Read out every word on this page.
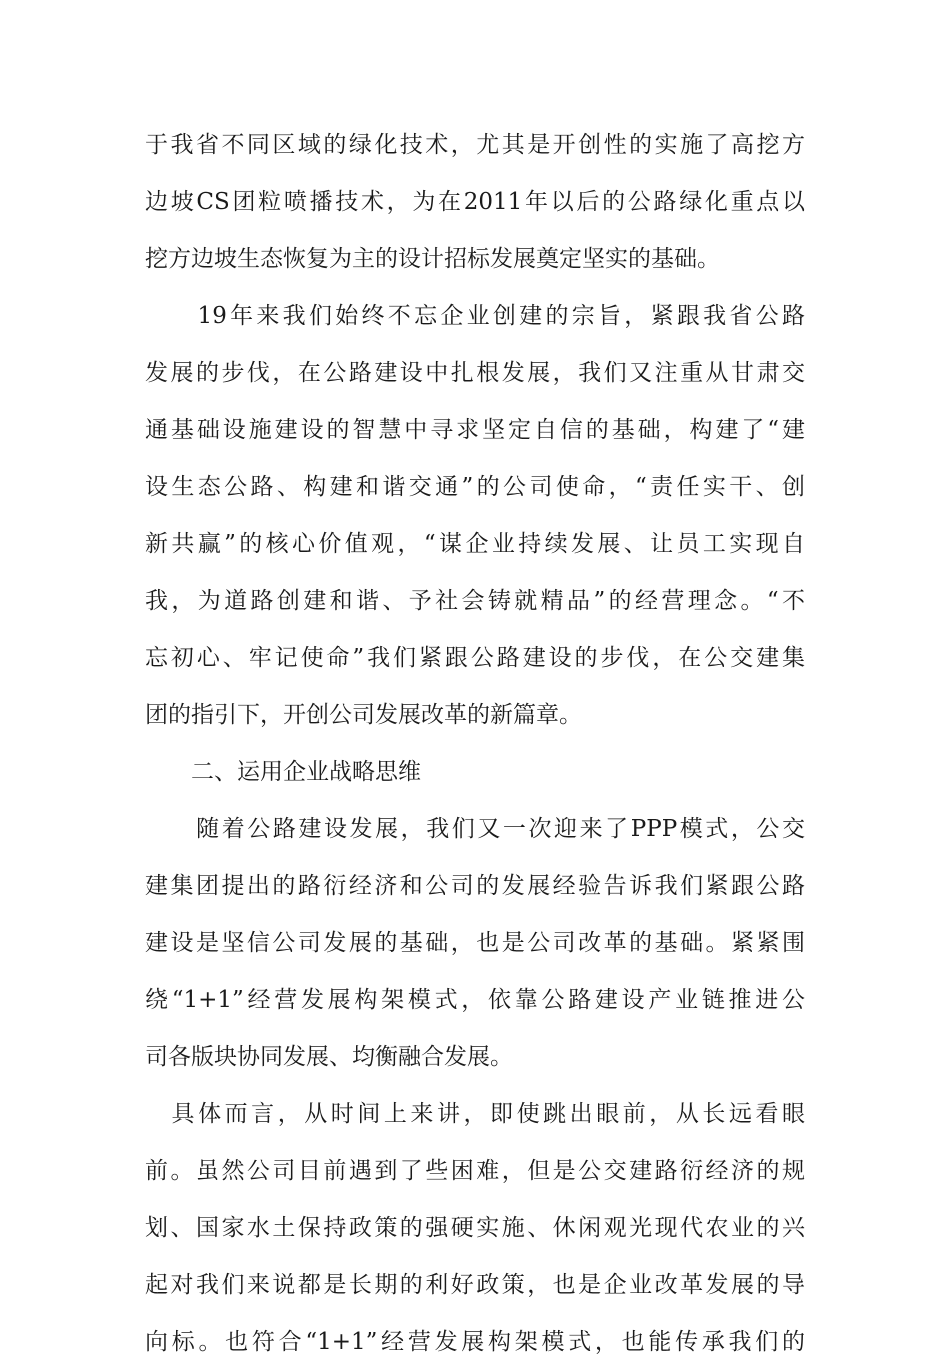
于我省不同区域的绿化技术，尤其是开创性的实施了高挖方
边坡CS团粒喷播技术，为在2011年以后的公路绿化重点以
挖方边坡生态恢复为主的设计招标发展奠定坚实的基础。
　　19年来我们始终不忘企业创建的宗旨，紧跟我省公路
发展的步伐，在公路建设中扎根发展，我们又注重从甘肃交
通基础设施建设的智慧中寻求坚定自信的基础，构建了“建
设生态公路、构建和谐交通”的公司使命，“责任实干、创
新共赢”的核心价值观，“谋企业持续发展、让员工实现自
我，为道路创建和谐、予社会铸就精品”的经营理念。“不
忘初心、牢记使命”我们紧跟公路建设的步伐，在公交建集
团的指引下，开创公司发展改革的新篇章。
　　二、运用企业战略思维
　　随着公路建设发展，我们又一次迎来了PPP模式，公交
建集团提出的路衍经济和公司的发展经验告诉我们紧跟公路
建设是坚信公司发展的基础，也是公司改革的基础。紧紧围
绕“1+1”经营发展构架模式，依靠公路建设产业链推进公
司各版块协同发展、均衡融合发展。
　具体而言，从时间上来讲，即使跳出眼前，从长远看眼
前。虽然公司目前遇到了些困难，但是公交建路衍经济的规
划、国家水土保持政策的强硬实施、休闲观光现代农业的兴
起对我们来说都是长期的利好政策，也是企业改革发展的导
向标。也符合“1+1”经营发展构架模式，也能传承我们的
